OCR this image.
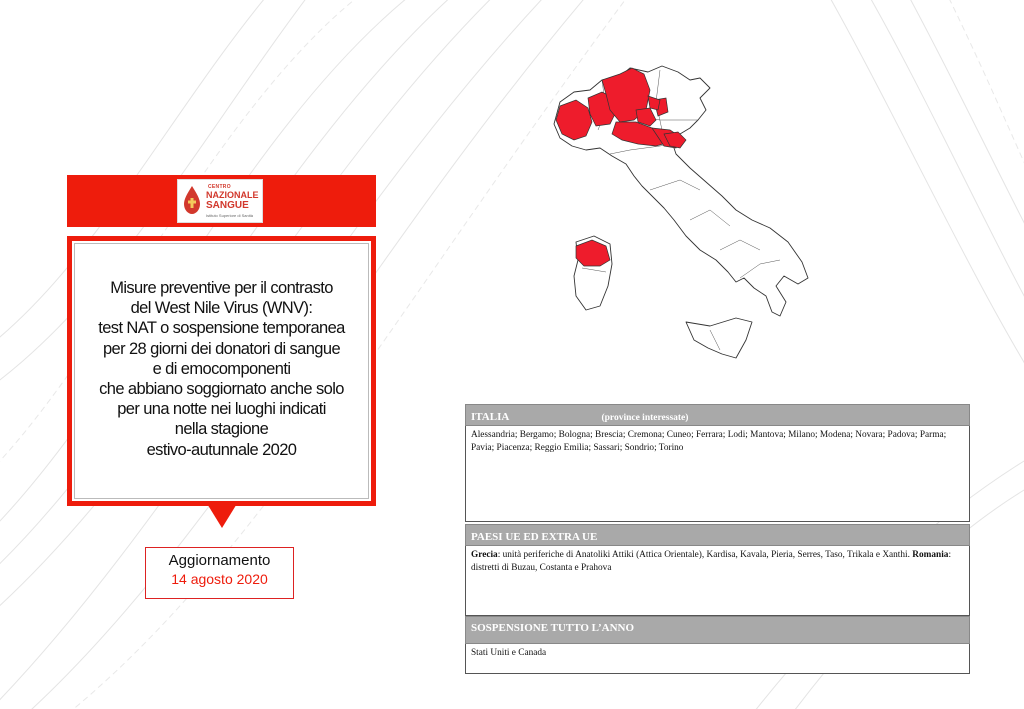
CENTRO
NAZIONALE
SANGUE
Istituto Superiore di Sanità
Misure preventive per il contrasto
del West Nile Virus (WNV):
test NAT o sospensione temporanea
per 28 giorni dei donatori di sangue
e di emocomponenti
che abbiano soggiornato anche solo
per una notte nei luoghi indicati
nella stagione
estivo-autunnale 2020
Aggiornamento
14 agosto 2020
ITALIA	(province interessate)
Alessandria; Bergamo; Bologna; Brescia; Cremona; Cuneo; Ferrara; Lodi; Mantova; Milano; Modena; Novara; Padova; Parma; Pavia; Piacenza; Reggio Emilia; Sassari; Sondrio; Torino
PAESI UE ED EXTRA UE
Grecia: unità periferiche di Anatoliki Attiki (Attica Orientale), Kardisa, Kavala, Pieria, Serres, Taso, Trikala e Xanthi. Romania: distretti di Buzau, Costanta e Prahova
SOSPENSIONE TUTTO L’ANNO
Stati Uniti e Canada
